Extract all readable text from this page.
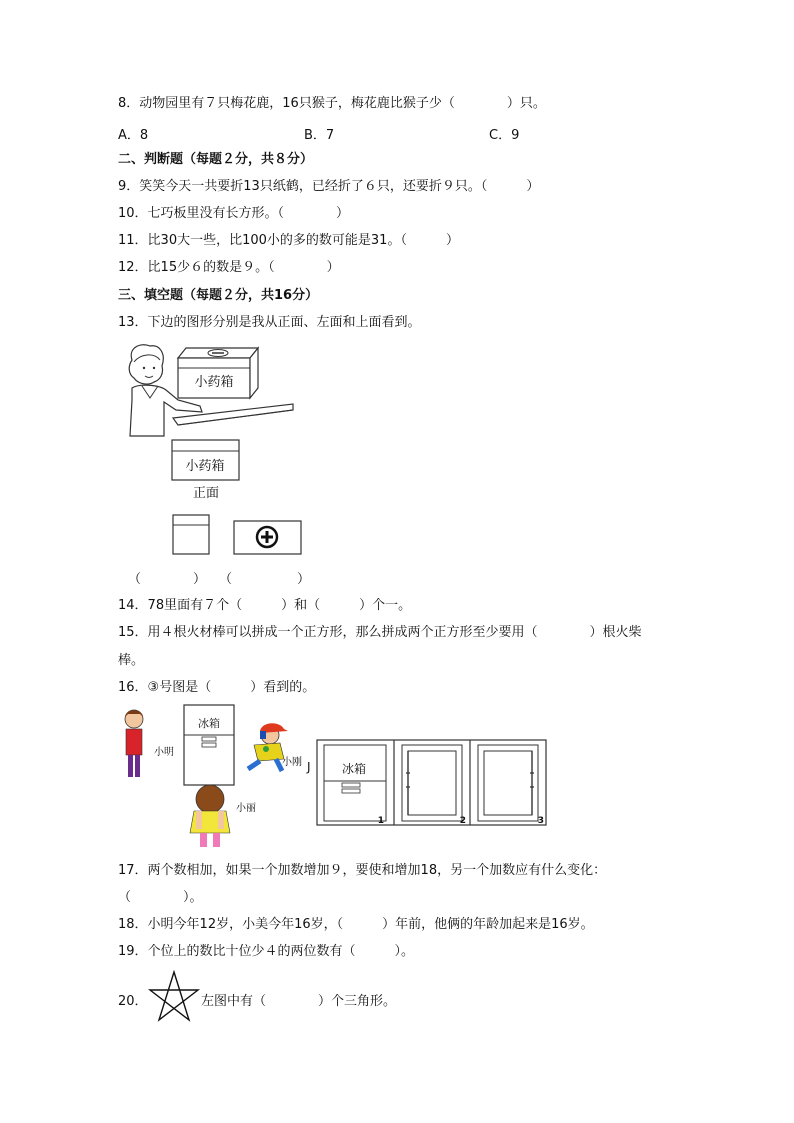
8．动物园里有７只梅花鹿，16只猴子，梅花鹿比猴子少（　　　　）只。
A．8	B．7	C．9
二、判断题（每题２分，共８分）
9．笑笑今天一共要折13只纸鹤，已经折了６只，还要折９只。（　　　）
10．七巧板里没有长方形。（　　　　）
11．比30大一些，比100小的多的数可能是31。（　　　）
12．比15少６的数是９。（　　　　）
三、填空题（每题２分，共16分）
13．下边的图形分别是我从正面、左面和上面看到。
小药箱
小药箱
正面
（　　　　）　　（　　　　　）
14．78里面有７个（　　　）和（　　　）个一。
15．用４根火材棒可以拼成一个正方形，那么拼成两个正方形至少要用（　　　　）根火柴
棒。
16．③号图是（　　　）看到的。
冰箱
小明
小刚
小丽
J	冰箱
1	2	3
17．两个数相加，如果一个加数增加９，要使和增加18，另一个加数应有什么变化：
（　　　　）。
18．小明今年12岁，小美今年16岁，（　　　）年前，他俩的年龄加起来是16岁。
19．个位上的数比十位少４的两位数有（　　　）。
20．	左图中有（　　　　）个三角形。
